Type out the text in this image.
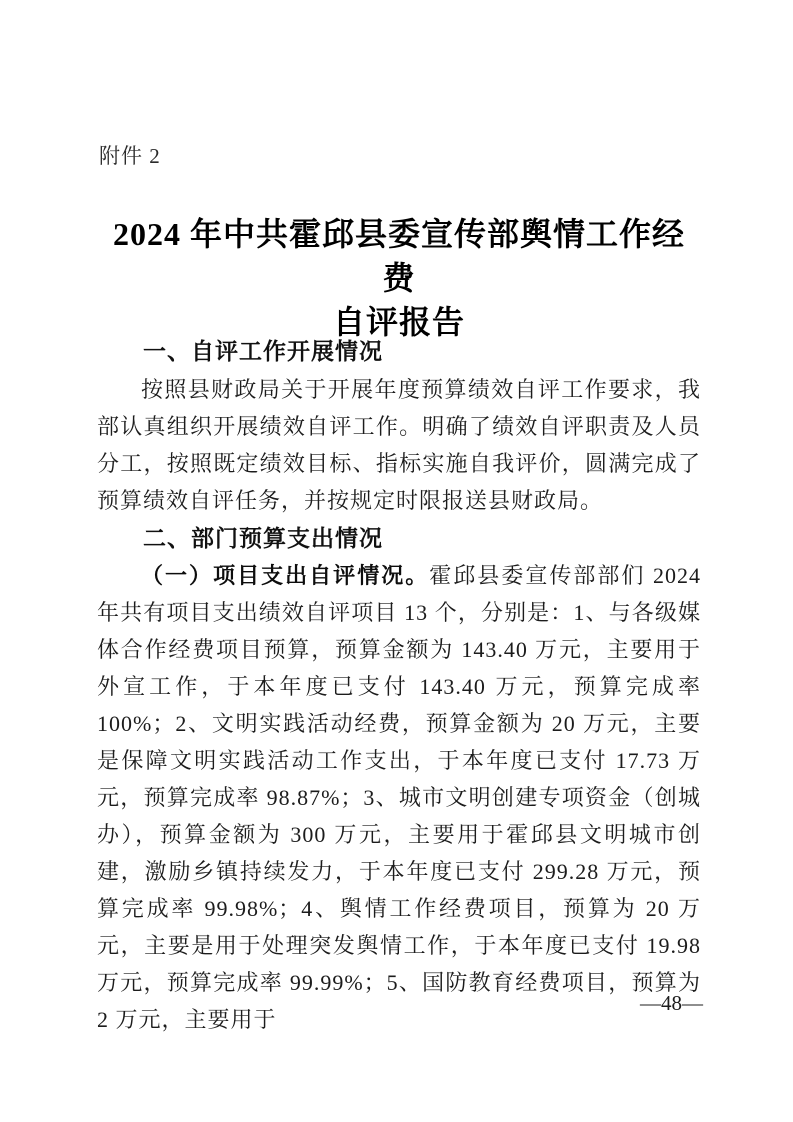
附件 2
2024 年中共霍邱县委宣传部舆情工作经费
自评报告
一、自评工作开展情况

按照县财政局关于开展年度预算绩效自评工作要求，我部认真组织开展绩效自评工作。明确了绩效自评职责及人员分工，按照既定绩效目标、指标实施自我评价，圆满完成了预算绩效自评任务，并按规定时限报送县财政局。

二、部门预算支出情况

（一）项目支出自评情况。霍邱县委宣传部部们 2024 年共有项目支出绩效自评项目 13 个，分别是：1、与各级媒体合作经费项目预算，预算金额为 143.40 万元，主要用于外宣工作，于本年度已支付 143.40 万元，预算完成率 100%；2、文明实践活动经费，预算金额为 20 万元，主要是保障文明实践活动工作支出，于本年度已支付 17.73 万元，预算完成率 98.87%；3、城市文明创建专项资金（创城办），预算金额为 300 万元，主要用于霍邱县文明城市创建，激励乡镇持续发力，于本年度已支付 299.28 万元，预算完成率 99.98%；4、舆情工作经费项目，预算为 20 万元，主要是用于处理突发舆情工作，于本年度已支付 19.98 万元，预算完成率 99.99%；5、国防教育经费项目，预算为 2 万元，主要用于

—48—
